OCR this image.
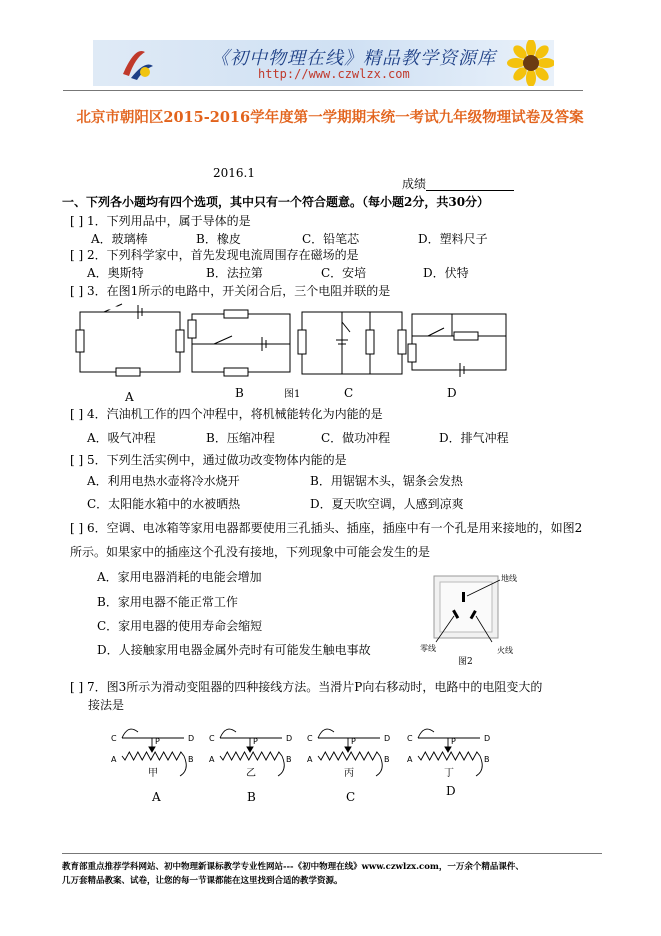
《初中物理在线》精品教学资源库
http://www.czwlzx.com
北京市朝阳区2015-2016学年度第一学期期末统一考试九年级物理试卷及答案
2016.1
成绩
一、下列各小题均有四个选项，其中只有一个符合题意。（每小题2分，共30分）
[ ] 1．下列用品中，属于导体的是
A．玻璃棒	B．橡皮	C．铅笔芯	D．塑料尺子
[ ] 2．下列科学家中，首先发现电流周围存在磁场的是
A．奥斯特	B．法拉第	C．安培	D．伏特
[ ] 3．在图1所示的电路中，开关闭合后，三个电阻并联的是
A	B	图1	C	D
[ ] 4．汽油机工作的四个冲程中，将机械能转化为内能的是
A．吸气冲程	B．压缩冲程	C．做功冲程	D．排气冲程
[ ] 5．下列生活实例中，通过做功改变物体内能的是
A．利用电热水壶将冷水烧开	B．用锯锯木头，锯条会发热
C．太阳能水箱中的水被晒热	D．夏天吹空调，人感到凉爽
[ ] 6．空调、电冰箱等家用电器都要使用三孔插头、插座，插座中有一个孔是用来接地的，如图2
所示。如果家中的插座这个孔没有接地，下列现象中可能会发生的是
A．家用电器消耗的电能会增加
B．家用电器不能正常工作
C．家用电器的使用寿命会缩短
D．人接触家用电器金属外壳时有可能发生触电事故
地线
零线	火线
图2
[ ] 7．图3所示为滑动变阻器的四种接线方法。当滑片P向右移动时，电路中的电阻变大的
接法是
C	D
A	B
P
甲
C	D
A	B
P
乙
C	D
A	B
P
丙
C	D
A	B
P
丁
A	B	C	D
教育部重点推荐学科网站、初中物理新课标教学专业性网站---《初中物理在线》www.czwlzx.com，一万余个精品课件、
几万套精品教案、试卷，让您的每一节课都能在这里找到合适的教学资源。
